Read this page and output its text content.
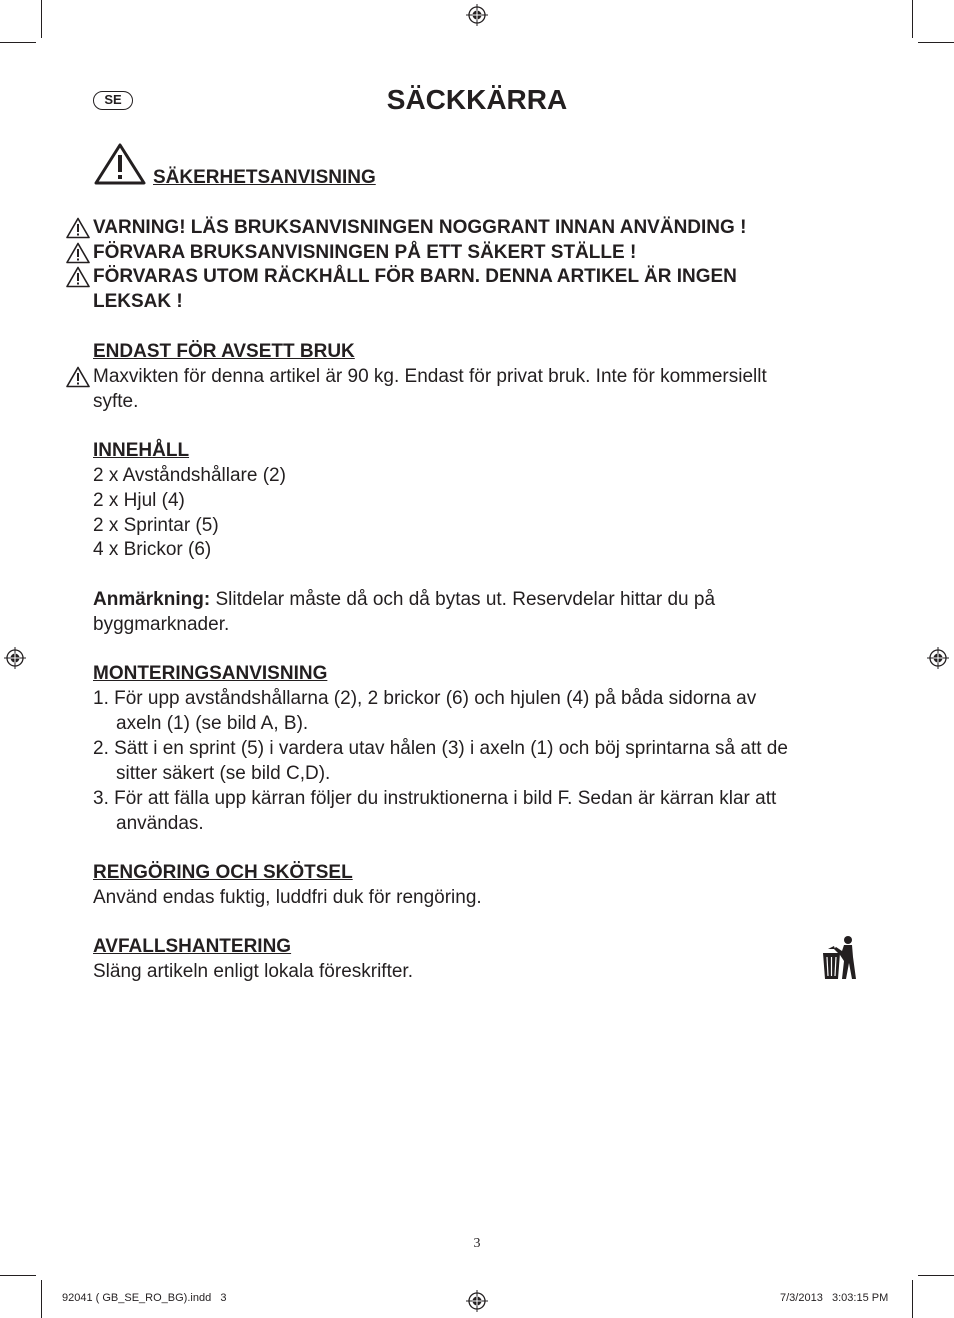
SE	SÄCKKÄRRA
SÄKERHETSANVISNING
VARNING! LÄS BRUKSANVISNINGEN NOGGRANT INNAN ANVÄNDING !
FÖRVARA BRUKSANVISNINGEN PÅ ETT SÄKERT STÄLLE !
FÖRVARAS UTOM RÄCKHÅLL FÖR BARN. DENNA ARTIKEL ÄR INGEN
LEKSAK !
ENDAST FÖR AVSETT BRUK
Maxvikten för denna artikel är 90 kg. Endast för privat bruk. Inte för kommersiellt
syfte.
INNEHÅLL
2 x Avståndshållare (2)
2 x Hjul (4)
2 x Sprintar (5)
4 x Brickor (6)
Anmärkning: Slitdelar måste då och då bytas ut. Reservdelar hittar du på
byggmarknader.
MONTERINGSANVISNING
1. För upp avståndshållarna (2), 2 brickor (6) och hjulen (4) på båda sidorna av
axeln (1) (se bild A, B).
2. Sätt i en sprint (5) i vardera utav hålen (3) i axeln (1) och böj sprintarna så att de
sitter säkert (se bild C,D).
3. För att fälla upp kärran följer du instruktionerna i bild F. Sedan är kärran klar att
användas.
RENGÖRING OCH SKÖTSEL
Använd endas fuktig, luddfri duk för rengöring.
AVFALLSHANTERING
Släng artikeln enligt lokala föreskrifter.
3
92041 ( GB_SE_RO_BG).indd   3	7/3/2013   3:03:15 PM
